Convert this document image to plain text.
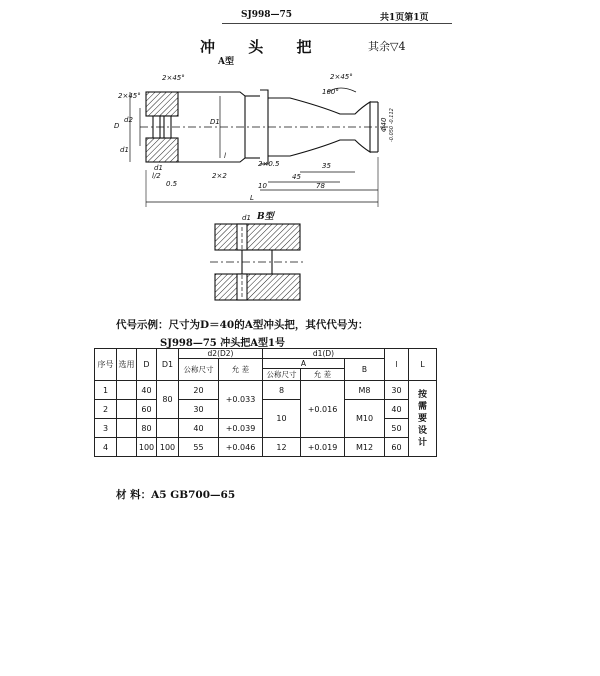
SJ998—75	共1页第1页
冲 头 把	其余▽4
A型
2×45°
2×45°
2×45°
160°
D
d2	D1
d1
d1
Φ40 -0.050 -0.112
45
35
10	78
L
l
2×0.5
2×2
l/2
0.5
d1 B型
代号示例：尺寸为D＝40的A型冲头把，其代代号为：
SJ998—75 冲头把A型1号
序号	选用	D	D1	d2(D2)		d1(D)			l	L
				公称尺寸	允 差	A		B		
						公称尺寸	允 差			
1		40	80	20	+0.033	8	+0.016	M8	30	按需要设计
2		60		30		10		M10	40	
3		80		40	+0.039				50	
4		100	100	55	+0.046	12	+0.019	M12	60	
材 料：A5 GB700—65
